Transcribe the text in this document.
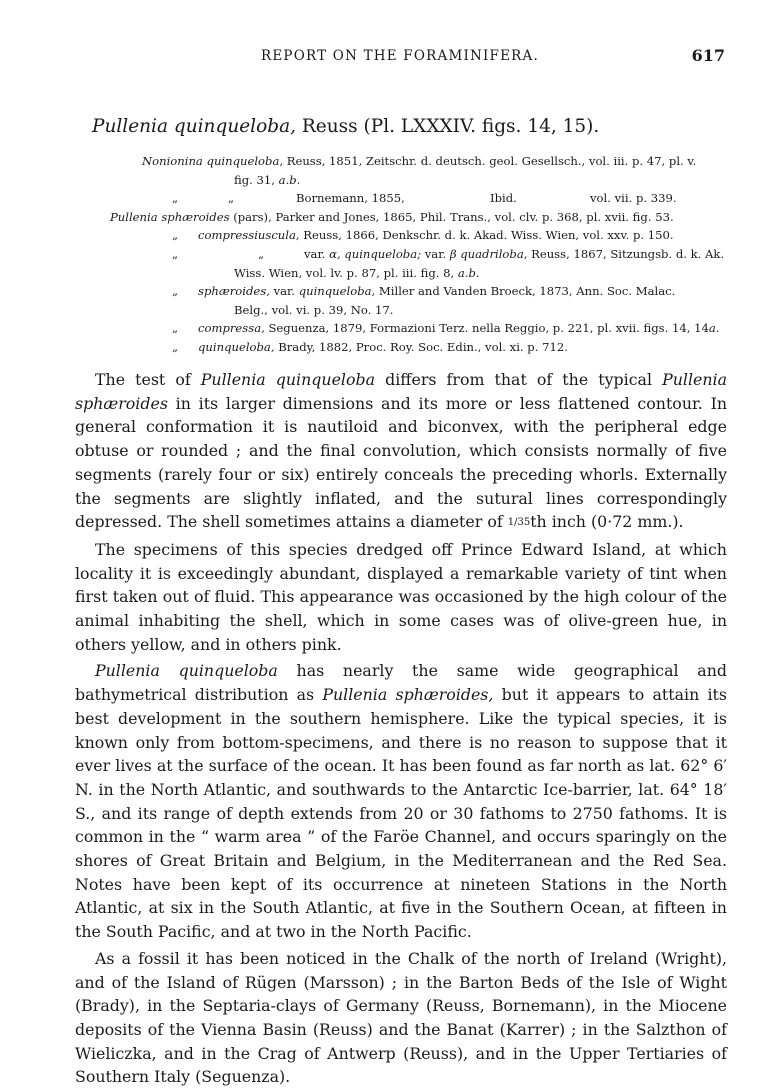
REPORT ON THE FORAMINIFERA.	617
Pullenia quinqueloba, Reuss (Pl. LXXXIV. figs. 14, 15).
Nonionina quinqueloba, Reuss, 1851, Zeitschr. d. deutsch. geol. Gesellsch., vol. iii. p. 47, pl. v.
fig. 31, a.b.
„	„	Bornemann, 1855,	Ibid.	vol. vii. p. 339.
Pullenia sphæroides (pars), Parker and Jones, 1865, Phil. Trans., vol. clv. p. 368, pl. xvii. fig. 53.
„ compressiuscula, Reuss, 1866, Denkschr. d. k. Akad. Wiss. Wien, vol. xxv. p. 150.
„	„	var. α, quinqueloba; var. β quadriloba, Reuss, 1867, Sitzungsb. d. k. Ak.
Wiss. Wien, vol. lv. p. 87, pl. iii. fig. 8, a.b.
„ sphæroides, var. quinqueloba, Miller and Vanden Broeck, 1873, Ann. Soc. Malac.
Belg., vol. vi. p. 39, No. 17.
„ compressa, Seguenza, 1879, Formazioni Terz. nella Reggio, p. 221, pl. xvii. figs. 14, 14a.
„ quinqueloba, Brady, 1882, Proc. Roy. Soc. Edin., vol. xi. p. 712.

The test of Pullenia quinqueloba differs from that of the typical Pullenia sphæroides in its larger dimensions and its more or less flattened contour. In general conformation it is nautiloid and biconvex, with the peripheral edge obtuse or rounded ; and the final convolution, which consists normally of five segments (rarely four or six) entirely conceals the preceding whorls. Externally the segments are slightly inflated, and the sutural lines correspondingly depressed. The shell sometimes attains a diameter of 1/35th inch (0·72 mm.).

The specimens of this species dredged off Prince Edward Island, at which locality it is exceedingly abundant, displayed a remarkable variety of tint when first taken out of fluid. This appearance was occasioned by the high colour of the animal inhabiting the shell, which in some cases was of olive-green hue, in others yellow, and in others pink.

Pullenia quinqueloba has nearly the same wide geographical and bathymetrical distribution as Pullenia sphæroides, but it appears to attain its best development in the southern hemisphere. Like the typical species, it is known only from bottom-specimens, and there is no reason to suppose that it ever lives at the surface of the ocean. It has been found as far north as lat. 62° 6′ N. in the North Atlantic, and southwards to the Antarctic Ice-barrier, lat. 64° 18′ S., and its range of depth extends from 20 or 30 fathoms to 2750 fathoms. It is common in the “ warm area ” of the Faröe Channel, and occurs sparingly on the shores of Great Britain and Belgium, in the Mediterranean and the Red Sea. Notes have been kept of its occurrence at nineteen Stations in the North Atlantic, at six in the South Atlantic, at five in the Southern Ocean, at fifteen in the South Pacific, and at two in the North Pacific.

As a fossil it has been noticed in the Chalk of the north of Ireland (Wright), and of the Island of Rügen (Marsson) ; in the Barton Beds of the Isle of Wight (Brady), in the Septaria-clays of Germany (Reuss, Bornemann), in the Miocene deposits of the Vienna Basin (Reuss) and the Banat (Karrer) ; in the Salzthon of Wieliczka, and in the Crag of Antwerp (Reuss), and in the Upper Tertiaries of Southern Italy (Seguenza).
